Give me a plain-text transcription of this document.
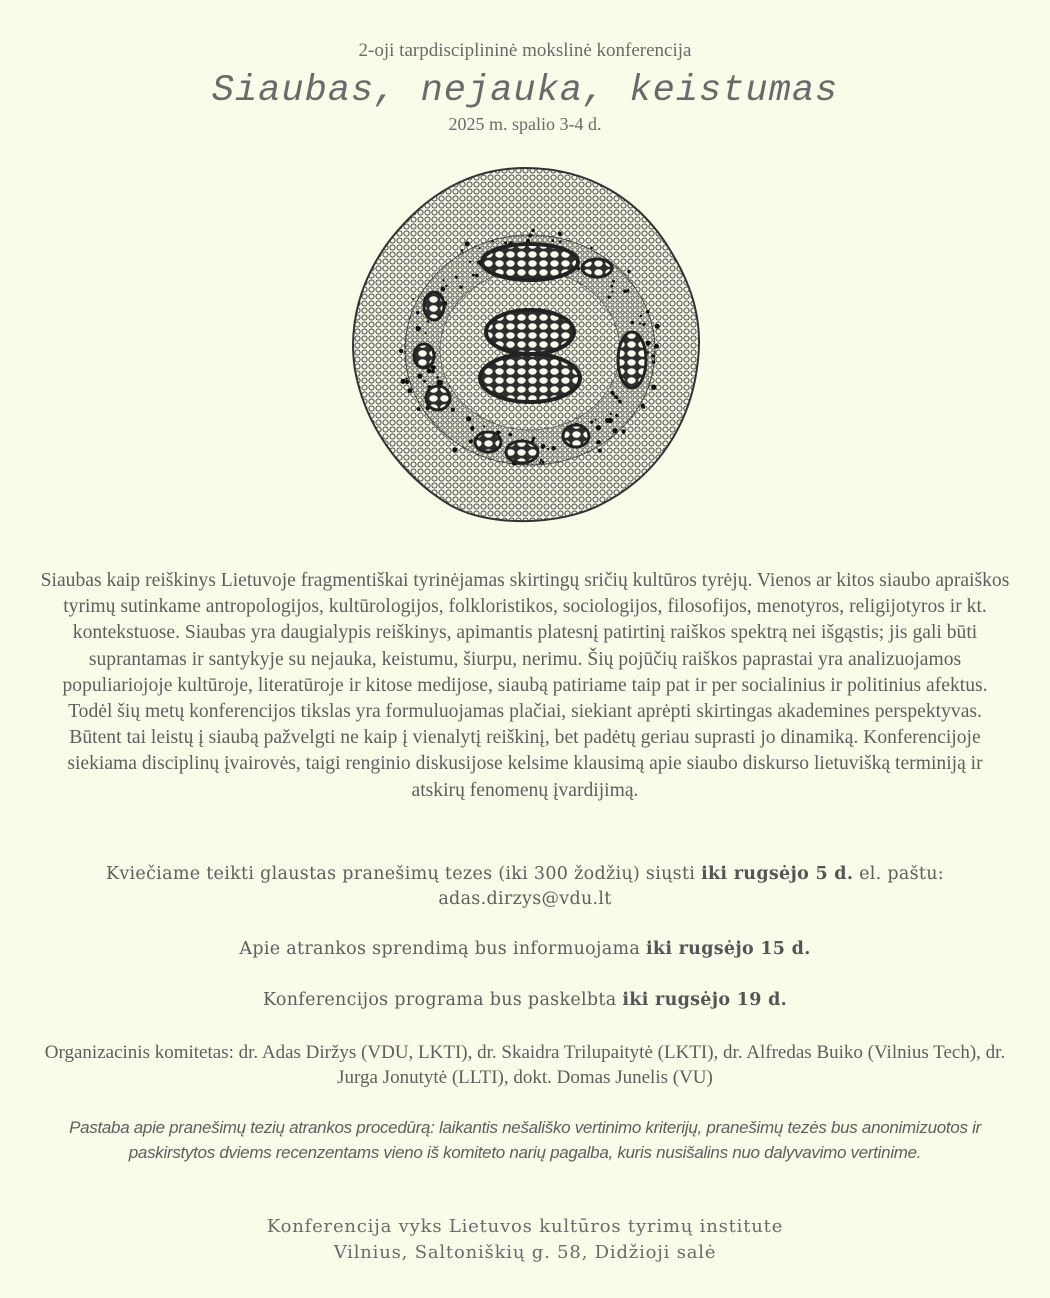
2-oji tarpdisciplininė mokslinė konferencija
Siaubas, nejauka, keistumas
2025 m. spalio 3-4 d.
Siaubas kaip reiškinys Lietuvoje fragmentiškai tyrinėjamas skirtingų sričių kultūros tyrėjų. Vienos ar kitos siaubo apraiškos tyrimų sutinkame antropologijos, kultūrologijos, folkloristikos, sociologijos, filosofijos, menotyros, religijotyros ir kt. kontekstuose. Siaubas yra daugialypis reiškinys, apimantis platesnį patirtinį raiškos spektrą nei išgąstis; jis gali būti suprantamas ir santykyje su nejauka, keistumu, šiurpu, nerimu. Šių pojūčių raiškos paprastai yra analizuojamos populiariojoje kultūroje, literatūroje ir kitose medijose, siaubą patiriame taip pat ir per socialinius ir politinius afektus. Todėl šių metų konferencijos tikslas yra formuluojamas plačiai, siekiant aprėpti skirtingas akademines perspektyvas. Būtent tai leistų į siaubą pažvelgti ne kaip į vienalytį reiškinį, bet padėtų geriau suprasti jo dinamiką. Konferencijoje siekiama disciplinų įvairovės, taigi renginio diskusijose kelsime klausimą apie siaubo diskurso lietuvišką terminiją ir atskirų fenomenų įvardijimą.
Kviečiame teikti glaustas pranešimų tezes (iki 300 žodžių) siųsti iki rugsėjo 5 d. el. paštu:
adas.dirzys@vdu.lt
Apie atrankos sprendimą bus informuojama iki rugsėjo 15 d.
Konferencijos programa bus paskelbta iki rugsėjo 19 d.
Organizacinis komitetas: dr. Adas Diržys (VDU, LKTI), dr. Skaidra Trilupaitytė (LKTI), dr. Alfredas Buiko (Vilnius Tech), dr. Jurga Jonutytė (LLTI), dokt. Domas Junelis (VU)
Pastaba apie pranešimų tezių atrankos procedūrą: laikantis nešališko vertinimo kriterijų, pranešimų tezės bus anonimizuotos ir paskirstytos dviems recenzentams vieno iš komiteto narių pagalba, kuris nusišalins nuo dalyvavimo vertinime.
Konferencija vyks Lietuvos kultūros tyrimų institute
Vilnius, Saltoniškių g. 58, Didžioji salė
